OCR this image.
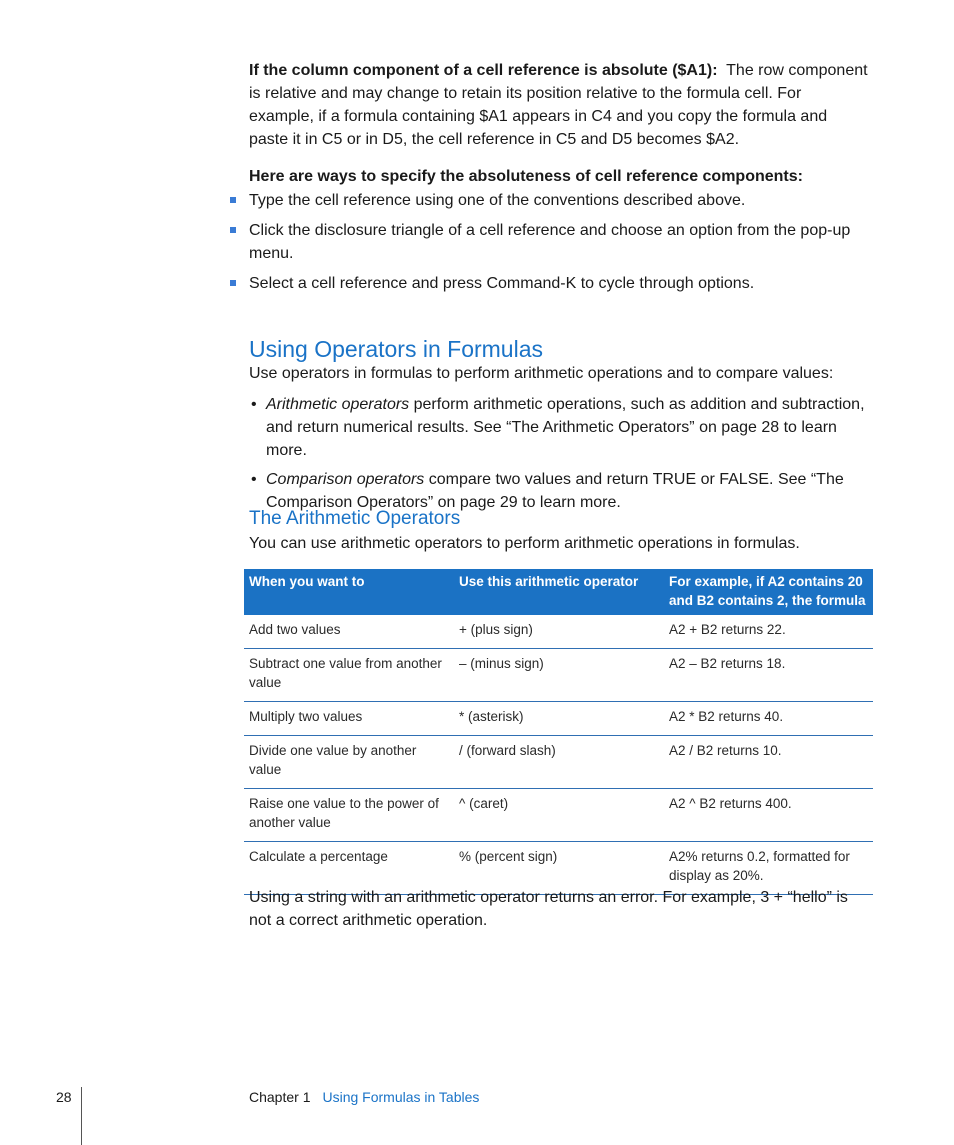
If the column component of a cell reference is absolute ($A1): The row component is relative and may change to retain its position relative to the formula cell. For example, if a formula containing $A1 appears in C4 and you copy the formula and paste it in C5 or in D5, the cell reference in C5 and D5 becomes $A2.
Here are ways to specify the absoluteness of cell reference components:
Type the cell reference using one of the conventions described above.
Click the disclosure triangle of a cell reference and choose an option from the pop-up menu.
Select a cell reference and press Command-K to cycle through options.
Using Operators in Formulas
Use operators in formulas to perform arithmetic operations and to compare values:
• Arithmetic operators perform arithmetic operations, such as addition and subtraction, and return numerical results. See “The Arithmetic Operators” on page 28 to learn more.
• Comparison operators compare two values and return TRUE or FALSE. See “The Comparison Operators” on page 29 to learn more.
The Arithmetic Operators
You can use arithmetic operators to perform arithmetic operations in formulas.
When you want to	Use this arithmetic operator	For example, if A2 contains 20 and B2 contains 2, the formula
Add two values	+ (plus sign)	A2 + B2 returns 22.
Subtract one value from another value	– (minus sign)	A2 – B2 returns 18.
Multiply two values	* (asterisk)	A2 * B2 returns 40.
Divide one value by another value	/ (forward slash)	A2 / B2 returns 10.
Raise one value to the power of another value	^ (caret)	A2 ^ B2 returns 400.
Calculate a percentage	% (percent sign)	A2% returns 0.2, formatted for display as 20%.
Using a string with an arithmetic operator returns an error. For example, 3 + “hello” is not a correct arithmetic operation.
28	Chapter 1 Using Formulas in Tables
